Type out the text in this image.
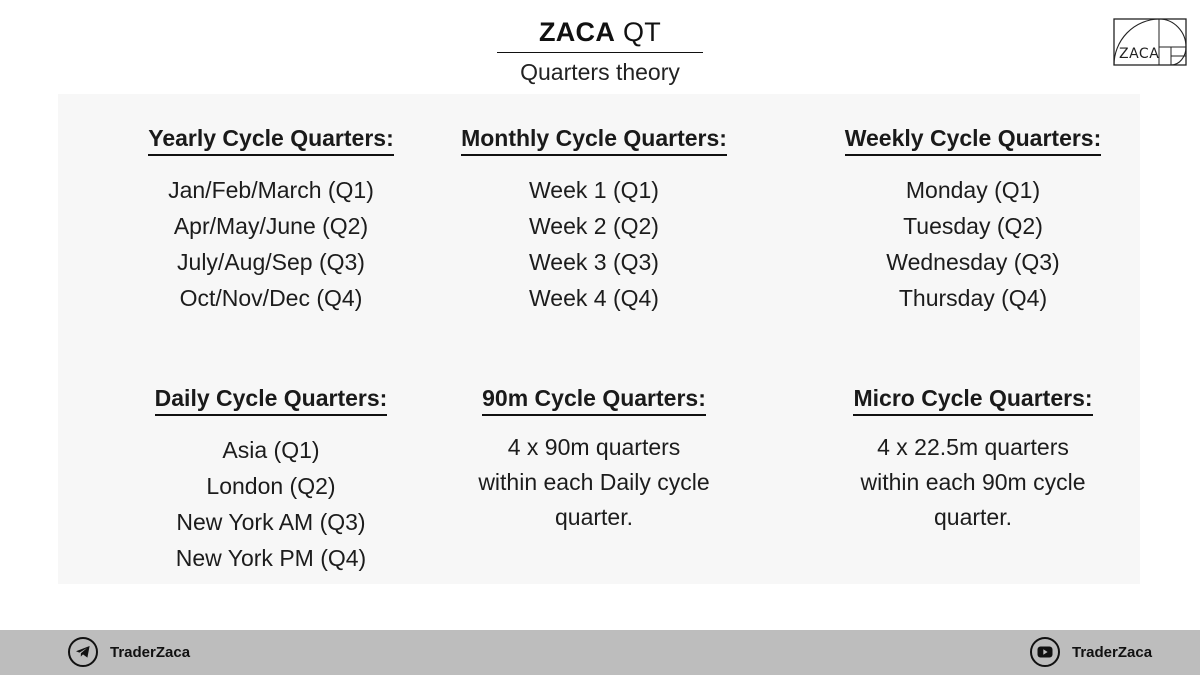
ZACA QT
Quarters theory
ZACA
Yearly Cycle Quarters:
Jan/Feb/March (Q1)
Apr/May/June (Q2)
July/Aug/Sep (Q3)
Oct/Nov/Dec (Q4)
Monthly Cycle Quarters:
Week 1 (Q1)
Week 2 (Q2)
Week 3 (Q3)
Week 4 (Q4)
Weekly Cycle Quarters:
Monday (Q1)
Tuesday (Q2)
Wednesday (Q3)
Thursday (Q4)
Daily Cycle Quarters:
Asia (Q1)
London (Q2)
New York AM (Q3)
New York PM (Q4)
90m Cycle Quarters:
4 x 90m quarters
within each Daily cycle
quarter.
Micro Cycle Quarters:
4 x 22.5m quarters
within each 90m cycle
quarter.
TraderZaca	TraderZaca
